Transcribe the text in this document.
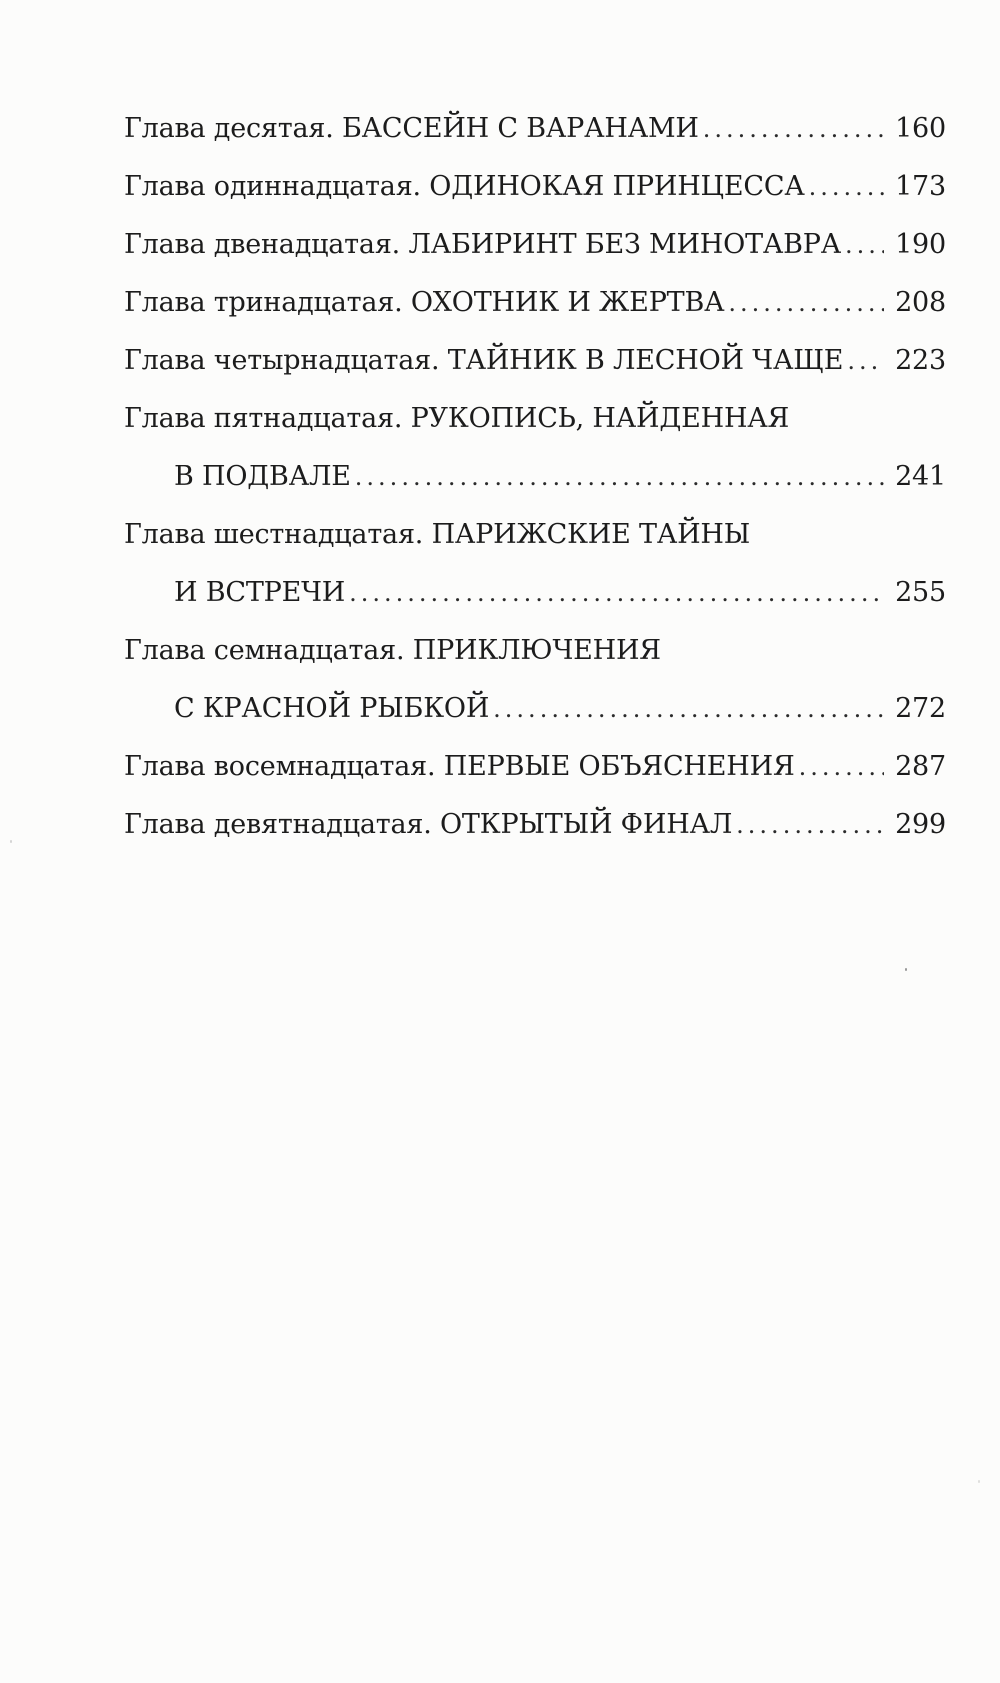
Глава десятая.
БАССЕЙН С ВАРАНАМИ .....	160
Глава одиннадцатая.
ОДИНОКАЯ ПРИНЦЕССА .....	173
Глава двенадцатая.
ЛАБИРИНТ БЕЗ МИНОТАВРА ..... 190
Глава тринадцатая.
ОХОТНИК И ЖЕРТВА .....	208
Глава четырнадцатая.
ТАЙНИК В ЛЕСНОЙ ЧАЩЕ ..... 223
Глава пятнадцатая.
РУКОПИСЬ, НАЙДЕННАЯ
В ПОДВАЛЕ .....	241
Глава шестнадцатая.
ПАРИЖСКИЕ ТАЙНЫ
И ВСТРЕЧИ .....	255
Глава семнадцатая.
ПРИКЛЮЧЕНИЯ
С КРАСНОЙ РЫБКОЙ .....	272
Глава восемнадцатая.
ПЕРВЫЕ ОБЪЯСНЕНИЯ .....	287
Глава девятнадцатая.
ОТКРЫТЫЙ ФИНАЛ .....	299
